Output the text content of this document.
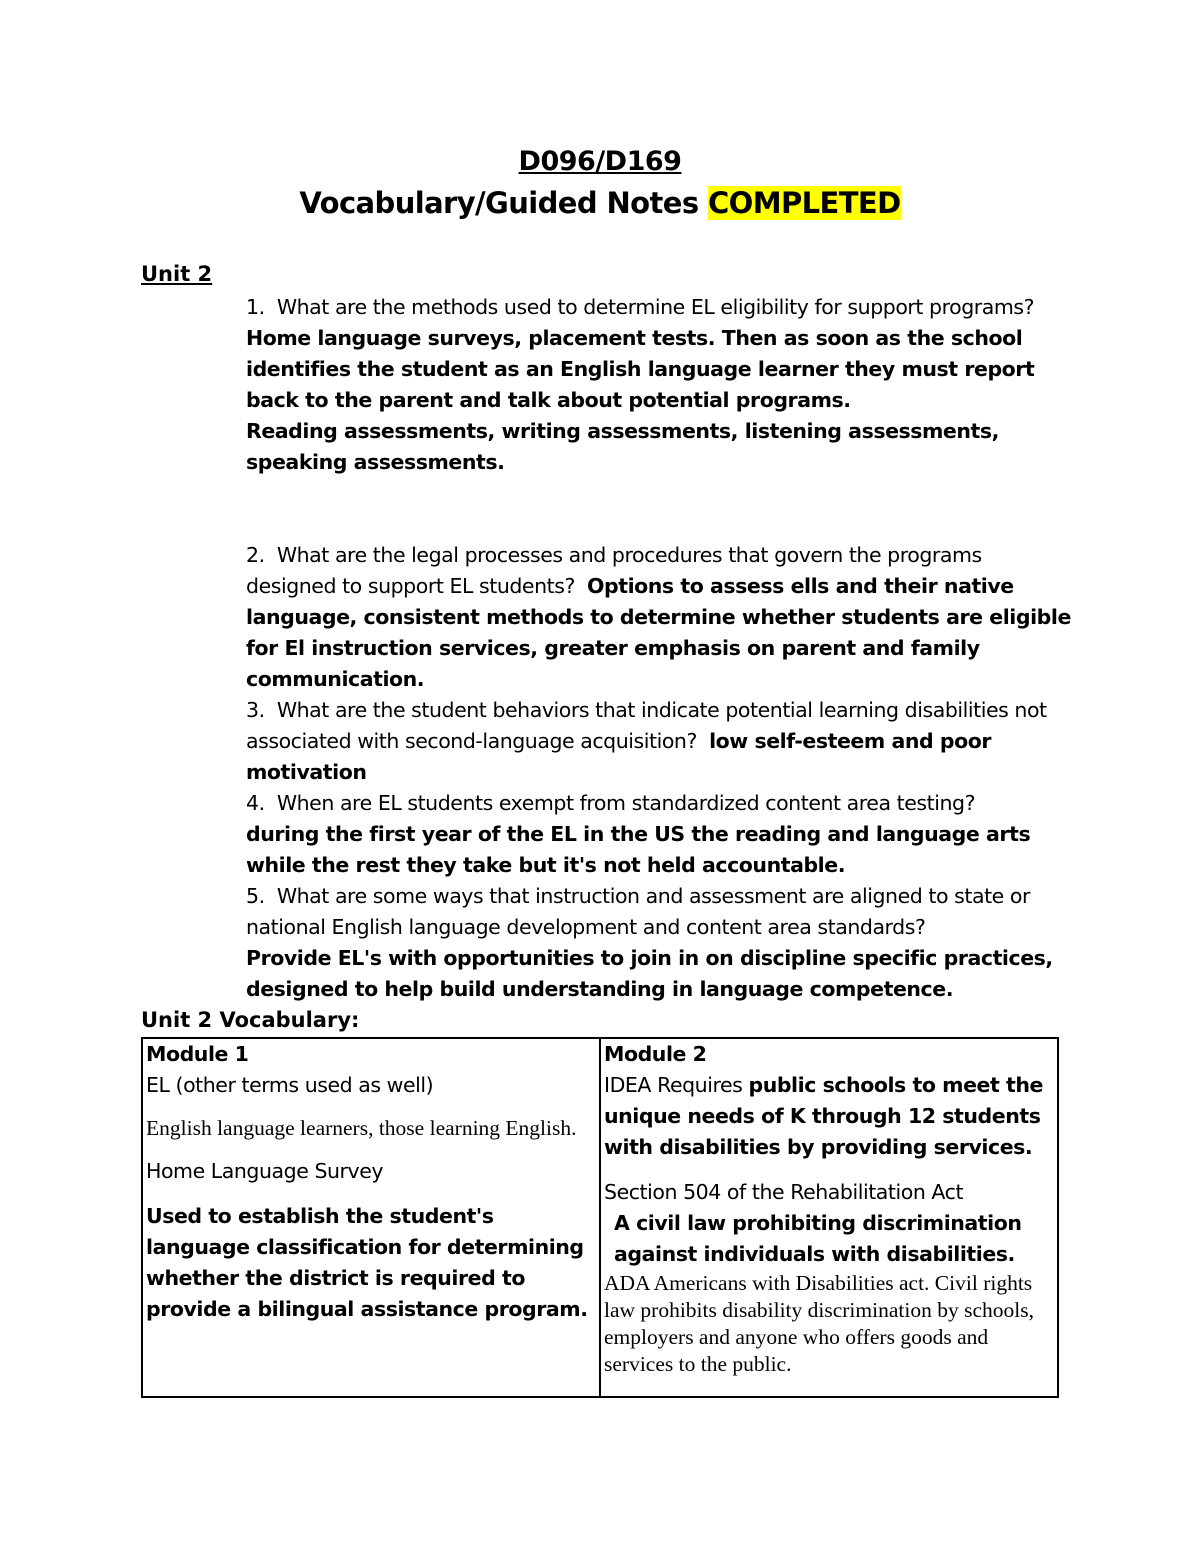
D096/D169
Vocabulary/Guided Notes COMPLETED
Unit 2
1. What are the methods used to determine EL eligibility for support programs?
Home language surveys, placement tests. Then as soon as the school identifies the student as an English language learner they must report back to the parent and talk about potential programs.
Reading assessments, writing assessments, listening assessments, speaking assessments.
2. What are the legal processes and procedures that govern the programs designed to support EL students? Options to assess ells and their native language, consistent methods to determine whether students are eligible for El instruction services, greater emphasis on parent and family communication.
3. What are the student behaviors that indicate potential learning disabilities not associated with second-language acquisition? low self-esteem and poor motivation
4. When are EL students exempt from standardized content area testing?
during the first year of the EL in the US the reading and language arts while the rest they take but it's not held accountable.
5. What are some ways that instruction and assessment are aligned to state or national English language development and content area standards?
Provide EL's with opportunities to join in on discipline specific practices, designed to help build understanding in language competence.
Unit 2 Vocabulary:
Module 1
EL (other terms used as well)
English language learners, those learning English.
Home Language Survey
Used to establish the student's language classification for determining whether the district is required to provide a bilingual assistance program.

Module 2
IDEA Requires public schools to meet the unique needs of K through 12 students with disabilities by providing services.
Section 504 of the Rehabilitation Act
A civil law prohibiting discrimination against individuals with disabilities.
ADA Americans with Disabilities act. Civil rights law prohibits disability discrimination by schools, employers and anyone who offers goods and services to the public.
